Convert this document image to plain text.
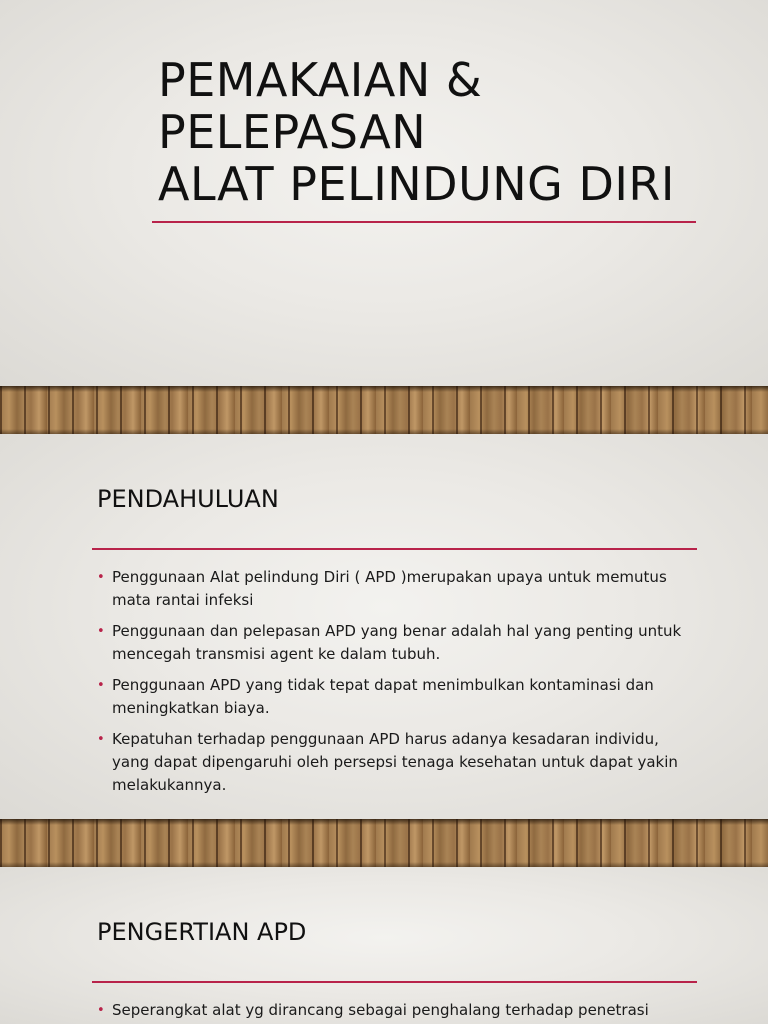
PEMAKAIAN &
PELEPASAN
ALAT PELINDUNG DIRI
PENDAHULUAN
• Penggunaan Alat pelindung Diri ( APD )merupakan upaya untuk memutus mata rantai infeksi
• Penggunaan dan pelepasan APD yang benar adalah hal yang penting untuk mencegah transmisi agent ke dalam tubuh.
• Penggunaan APD yang tidak tepat dapat menimbulkan kontaminasi dan meningkatkan biaya.
• Kepatuhan terhadap penggunaan APD harus adanya kesadaran individu, yang dapat dipengaruhi oleh persepsi tenaga kesehatan untuk dapat yakin melakukannya.
PENGERTIAN APD
• Seperangkat alat yg dirancang sebagai penghalang terhadap penetrasi
